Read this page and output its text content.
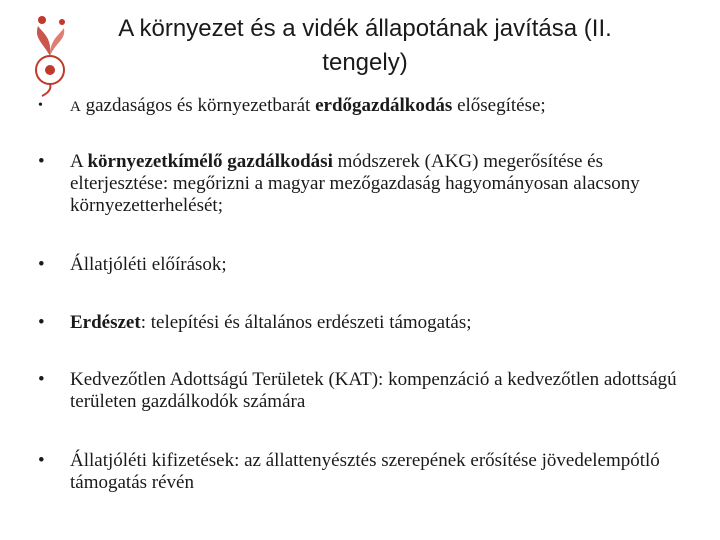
A környezet és a vidék állapotának javítása (II.
tengely)
•	A gazdaságos és környezetbarát erdőgazdálkodás elősegítése;
•	A környezetkímélő gazdálkodási módszerek (AKG) megerősítése és elterjesztése: megőrizni a magyar mezőgazdaság hagyományosan alacsony környezetterhelését;
•	Állatjóléti előírások;
•	Erdészet: telepítési és általános erdészeti támogatás;
•	Kedvezőtlen Adottságú Területek (KAT): kompenzáció a kedvezőtlen adottságú területen gazdálkodók számára
•	Állatjóléti kifizetések: az állattenyésztés szerepének erősítése jövedelempótló támogatás révén
